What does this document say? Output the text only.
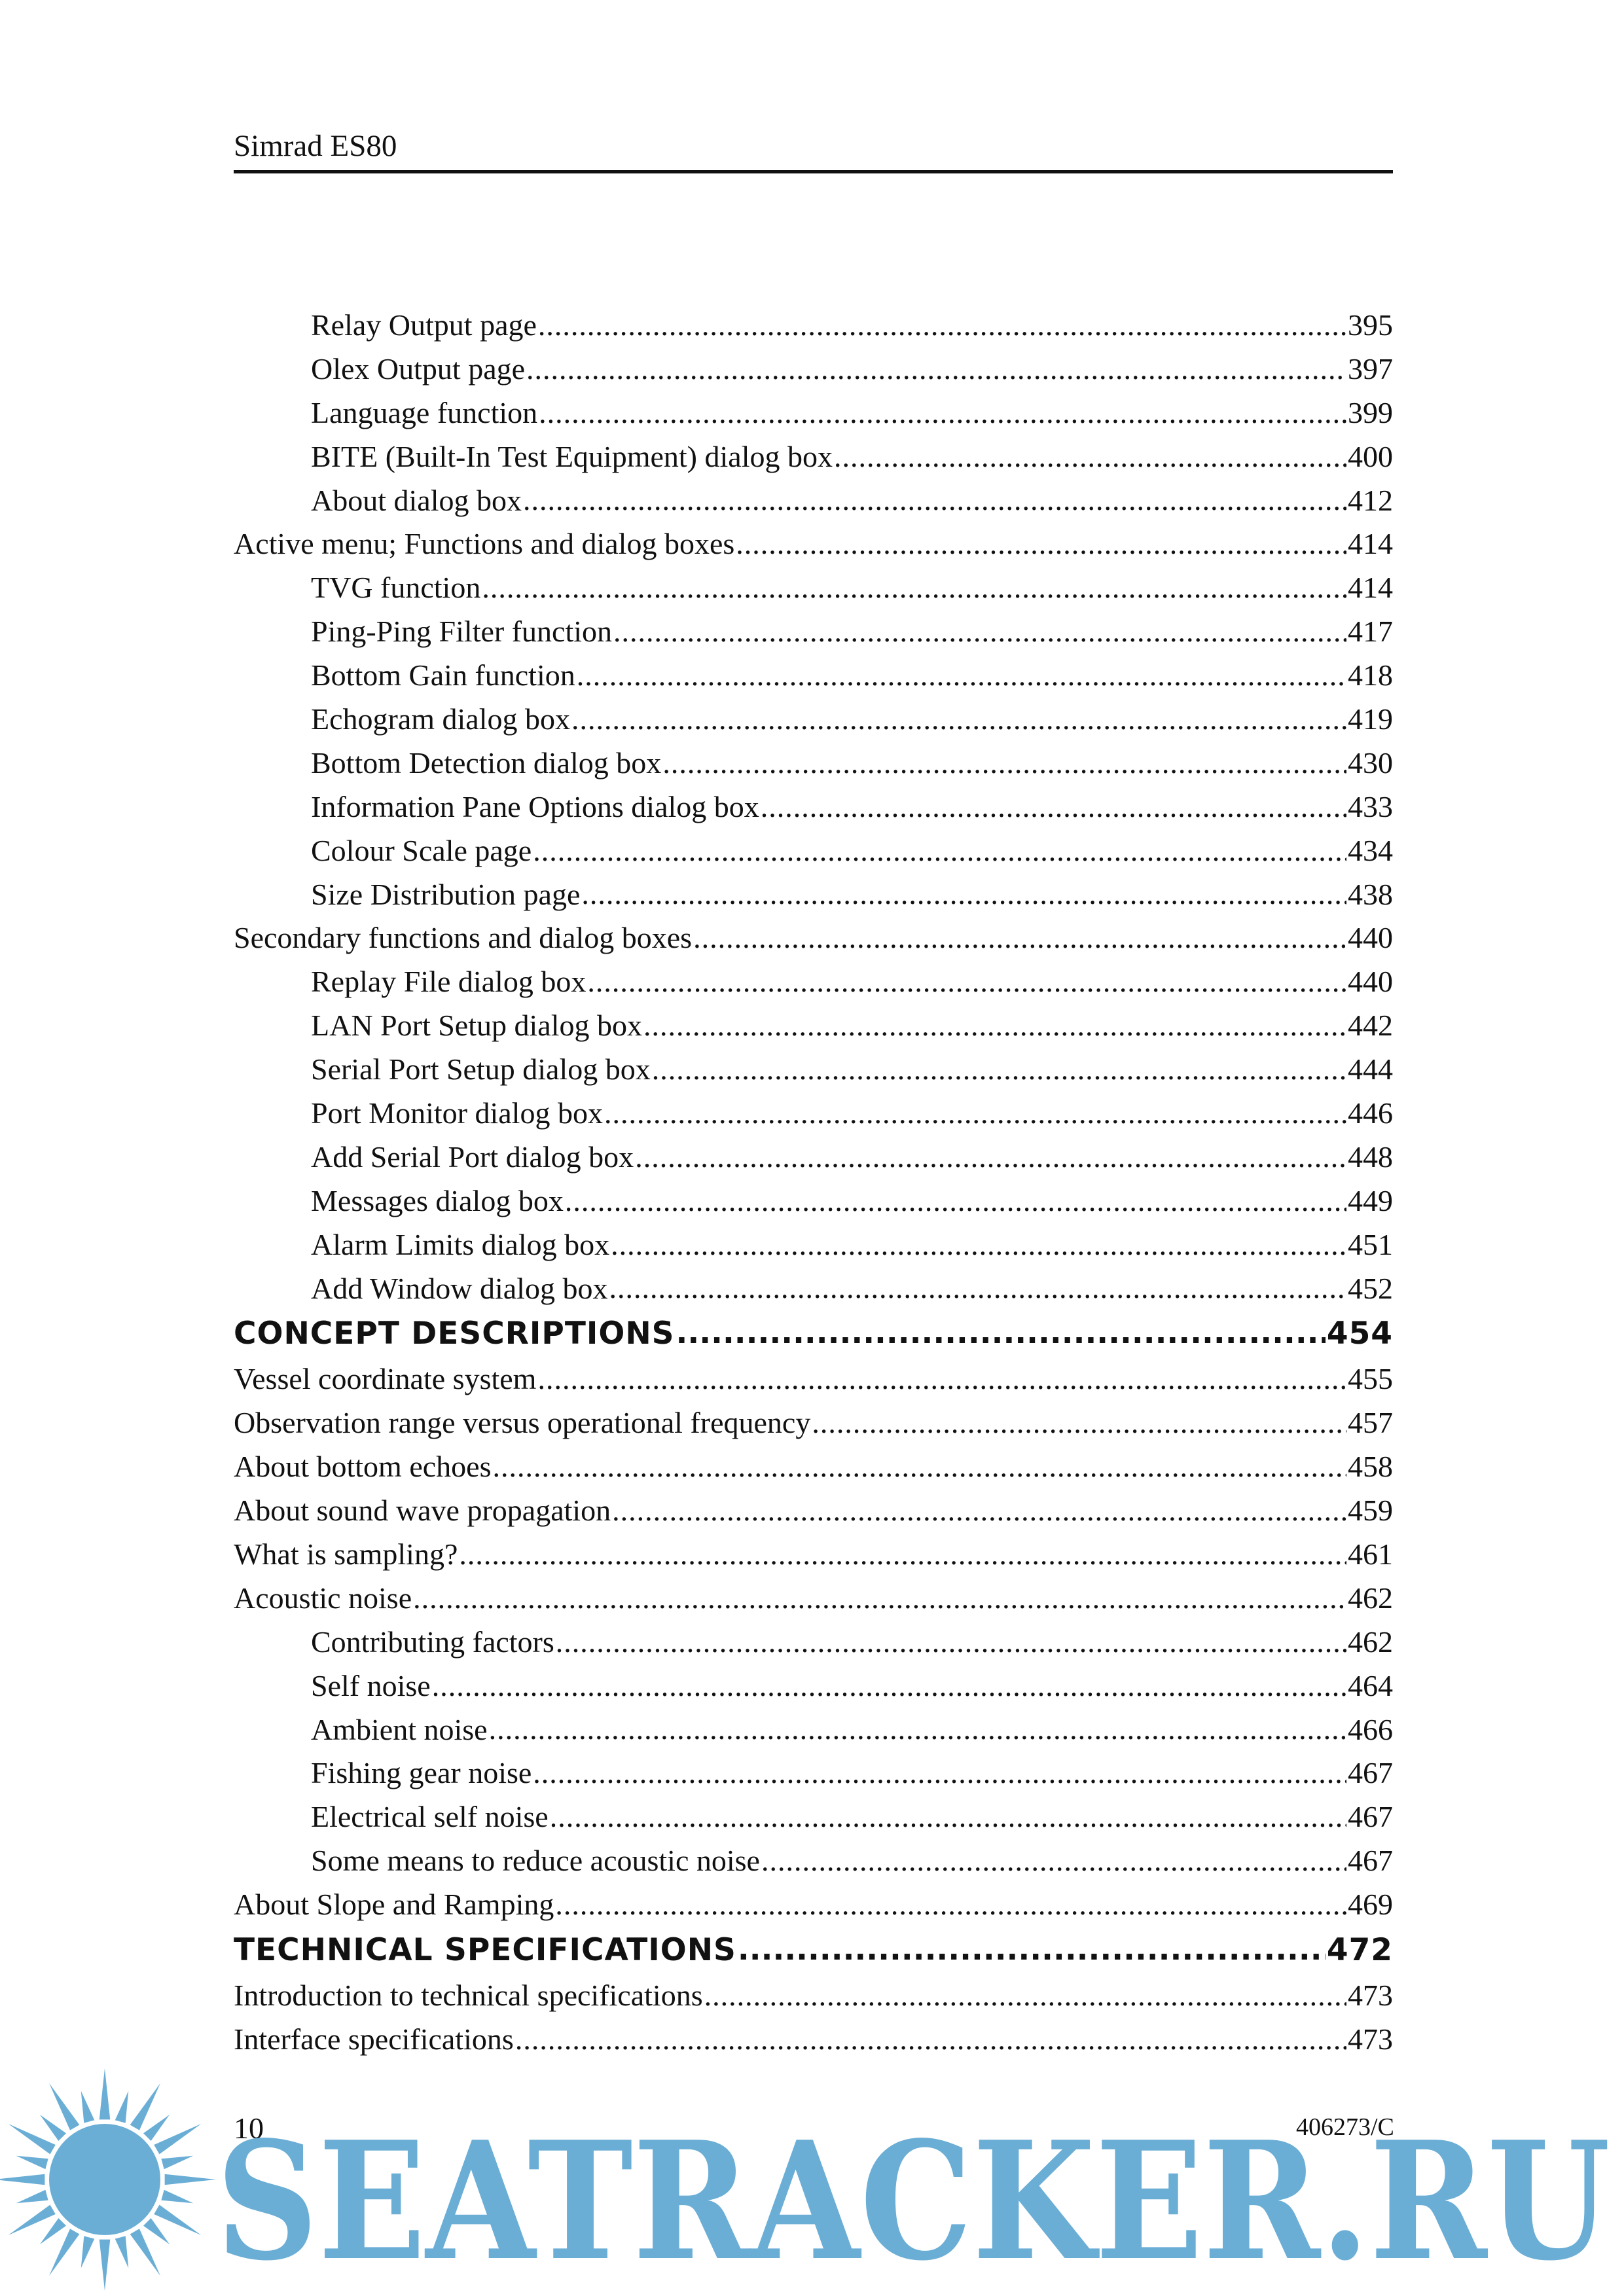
Simrad ES80
Relay Output page .....	395
Olex Output page .....	397
Language function .....	399
BITE (Built-In Test Equipment) dialog box .....	400
About dialog box .....	412
Active menu; Functions and dialog boxes .....	414
TVG function .....	414
Ping-Ping Filter function .....	417
Bottom Gain function .....	418
Echogram dialog box .....	419
Bottom Detection dialog box .....	430
Information Pane Options dialog box .....	433
Colour Scale page .....	434
Size Distribution page .....	438
Secondary functions and dialog boxes .....	440
Replay File dialog box .....	440
LAN Port Setup dialog box .....	442
Serial Port Setup dialog box .....	444
Port Monitor dialog box .....	446
Add Serial Port dialog box .....	448
Messages dialog box .....	449
Alarm Limits dialog box .....	451
Add Window dialog box .....	452
CONCEPT DESCRIPTIONS .....	454
Vessel coordinate system .....	455
Observation range versus operational frequency .....	457
About bottom echoes .....	458
About sound wave propagation .....	459
What is sampling? .....	461
Acoustic noise .....	462
Contributing factors .....	462
Self noise .....	464
Ambient noise .....	466
Fishing gear noise .....	467
Electrical self noise .....	467
Some means to reduce acoustic noise .....	467
About Slope and Ramping .....	469
TECHNICAL SPECIFICATIONS .....	472
Introduction to technical specifications .....	473
Interface specifications .....	473
10	406273/C
SEATRACKER.RU
